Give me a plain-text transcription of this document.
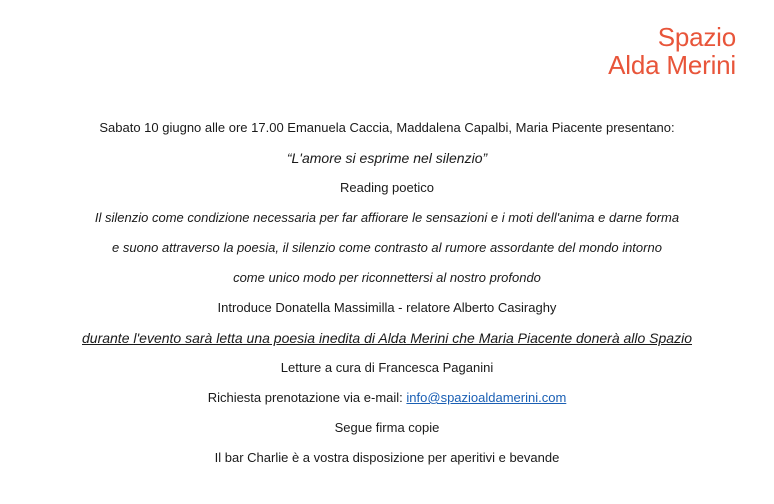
Spazio
Alda Merini
Sabato 10 giugno alle ore 17.00 Emanuela Caccia, Maddalena Capalbi, Maria Piacente presentano:
“L'amore si esprime nel silenzio”
Reading poetico
Il silenzio come condizione necessaria per far affiorare le sensazioni e i moti dell'anima e darne forma
e suono attraverso la poesia, il silenzio come contrasto al rumore assordante del mondo intorno
come unico modo per riconnettersi al nostro profondo
Introduce Donatella Massimilla - relatore Alberto Casiraghy
durante l'evento sarà letta una poesia inedita di Alda Merini che Maria Piacente donerà allo Spazio
Letture a cura di Francesca Paganini
Richiesta prenotazione via e-mail: info@spazioaldamerini.com
Segue firma copie
Il bar Charlie è a vostra disposizione per aperitivi e bevande
